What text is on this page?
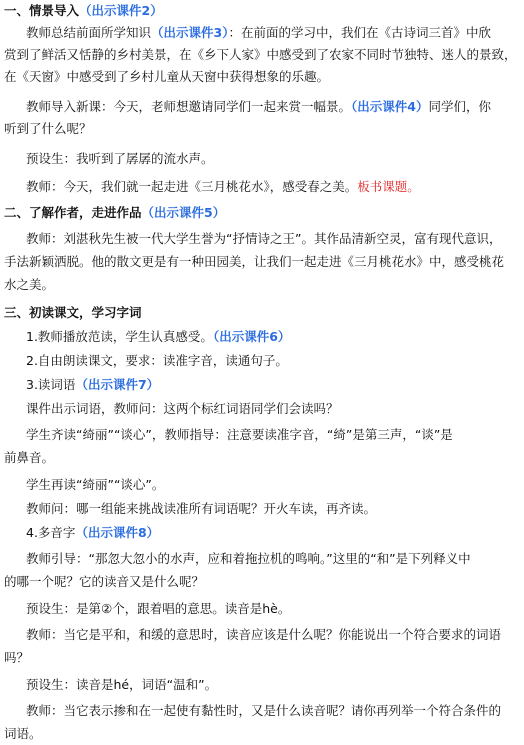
一、情景导入（出示课件2）
教师总结前面所学知识（出示课件3）：在前面的学习中，我们在《古诗词三首》中欣
赏到了鲜活又恬静的乡村美景，在《乡下人家》中感受到了农家不同时节独特、迷人的景致，
在《天窗》中感受到了乡村儿童从天窗中获得想象的乐趣。
教师导入新课：今天，老师想邀请同学们一起来赏一幅景。（出示课件4）同学们，你
听到了什么呢？
预设生：我听到了孱孱的流水声。
教师：今天，我们就一起走进《三月桃花水》，感受春之美。板书课题。
二、了解作者，走进作品（出示课件5）
教师：刘湛秋先生被一代大学生誉为“抒情诗之王”。其作品清新空灵，富有现代意识，
手法新颖洒脱。他的散文更是有一种田园美，让我们一起走进《三月桃花水》中，感受桃花
水之美。
三、初读课文，学习字词
1.教师播放范读，学生认真感受。（出示课件6）
2.自由朗读课文，要求：读准字音，读通句子。
3.读词语（出示课件7）
课件出示词语，教师问：这两个标红词语同学们会读吗？
学生齐读“绮丽”“谈心”，教师指导：注意要读准字音，“绮”是第三声，“谈”是
前鼻音。
学生再读“绮丽”“谈心”。
教师问：哪一组能来挑战读准所有词语呢？开火车读，再齐读。
4.多音字（出示课件8）
教师引导：“那忽大忽小的水声，应和着拖拉机的鸣响。”这里的“和”是下列释义中
的哪一个呢？它的读音又是什么呢？
预设生：是第②个，跟着唱的意思。读音是hè。
教师：当它是平和，和缓的意思时，读音应该是什么呢？你能说出一个符合要求的词语
吗？
预设生：读音是hé，词语“温和”。
教师：当它表示掺和在一起使有黏性时，又是什么读音呢？请你再列举一个符合条件的
词语。
